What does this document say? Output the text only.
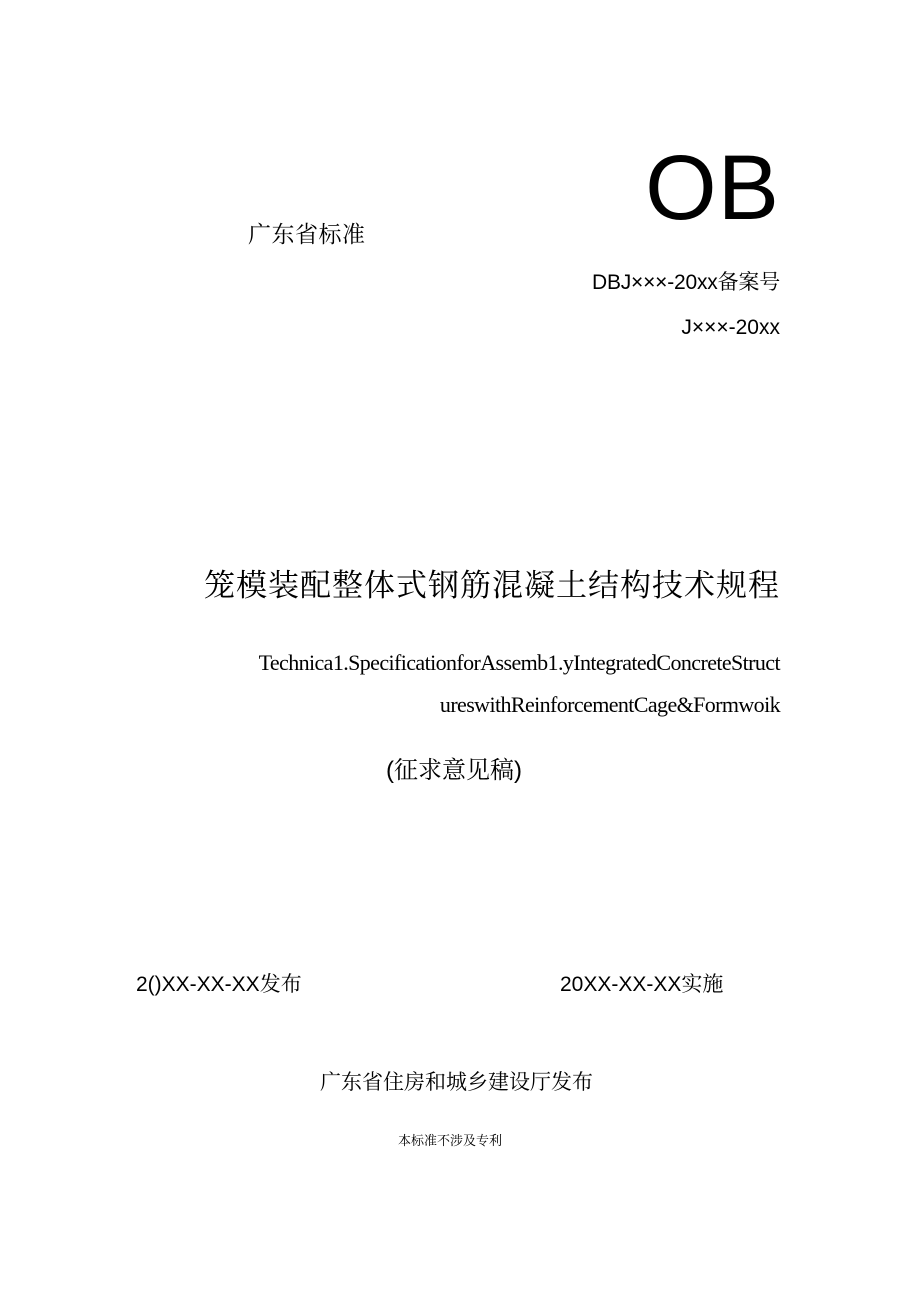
广东省标准	OB
DBJ×××-20xx备案号
J×××-20xx
笼模装配整体式钢筋混凝土结构技术规程
Technica1.SpecificationforAssemb1.yIntegratedConcreteStruct
ureswithReinforcementCage&Formwoik
(征求意见稿)
2()XX-XX-XX发布	20XX-XX-XX实施
广东省住房和城乡建设厅发布
本标准不涉及专利
